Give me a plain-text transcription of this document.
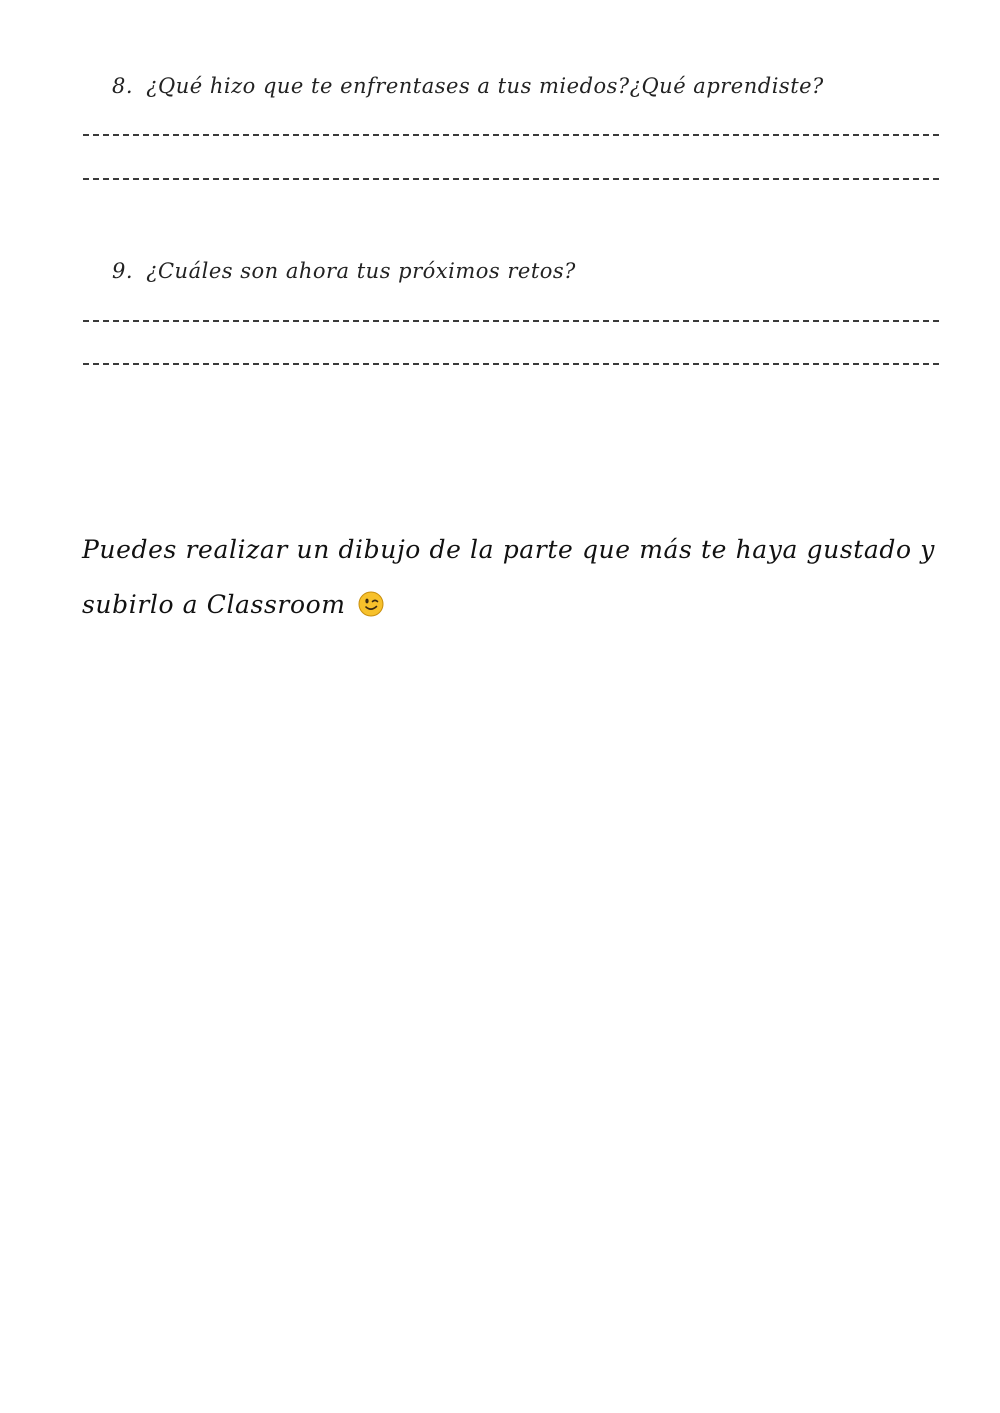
8. ¿Qué hizo que te enfrentases a tus miedos?¿Qué aprendiste?
9. ¿Cuáles son ahora tus próximos retos?
Puedes realizar un dibujo de la parte que más te haya gustado y
subirlo a Classroom
